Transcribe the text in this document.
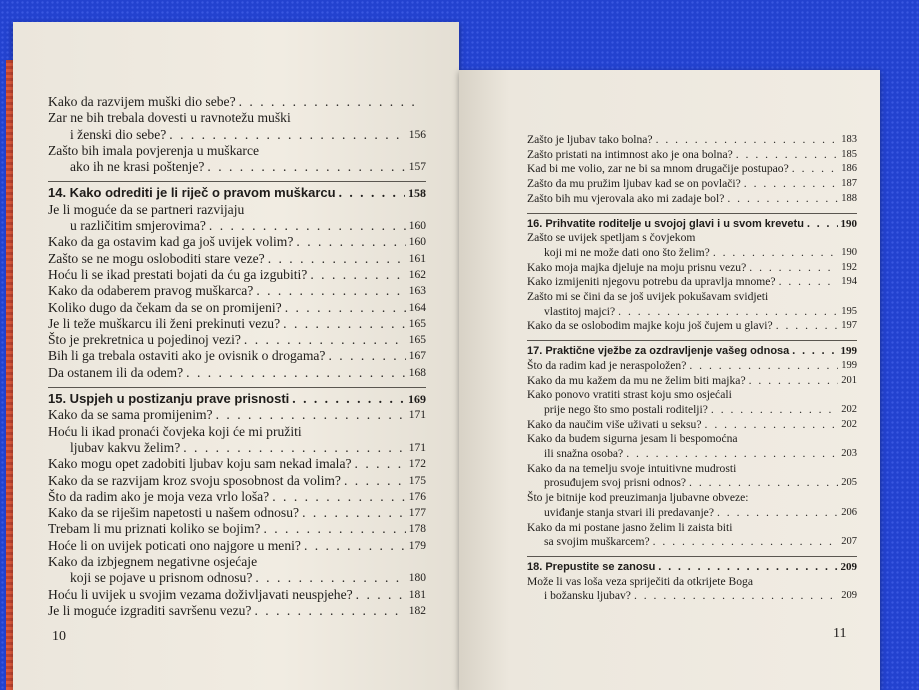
Kako da razvijem muški dio sebe?
. . .
Zar ne bih trebala dovesti u ravnotežu muški
i ženski dio sebe? . . .	156
Zašto bih imala povjerenja u muškarce
ako ih ne krasi poštenje? . . .	157
14. Kako odrediti je li riječ o pravom muškarcu . . .	158
Je li moguće da se partneri razvijaju
u različitim smjerovima? . . .	160
Kako da ga ostavim kad ga još uvijek volim? . . .	160
Zašto se ne mogu osloboditi stare veze? . . .	161
Hoću li se ikad prestati bojati da ću ga izgubiti? . . .	162
Kako da odaberem pravog muškarca? . . .	163
Koliko dugo da čekam da se on promijeni? . . .	164
Je li teže muškarcu ili ženi prekinuti vezu? . . .	165
Što je prekretnica u pojedinoj vezi? . . .	165
Bih li ga trebala ostaviti ako je ovisnik o drogama? . . .	167
Da ostanem ili da odem? . . .	168
15. Uspjeh u postizanju prave prisnosti . . .	169
Kako da se sama promijenim? . . .	171
Hoću li ikad pronaći čovjeka koji će mi pružiti
ljubav kakvu želim? . . .	171
Kako mogu opet zadobiti ljubav koju sam nekad imala? . . .	172
Kako da se razvijam kroz svoju sposobnost da volim? . . .	175
Što da radim ako je moja veza vrlo loša? . . .	176
Kako da se riješim napetosti u našem odnosu? . . .	177
Trebam li mu priznati koliko se bojim? . . .	178
Hoće li on uvijek poticati ono najgore u meni? . . .	179
Kako da izbjegnem negativne osjećaje
koji se pojave u prisnom odnosu? . . .	180
Hoću li uvijek u svojim vezama doživljavati neuspjehe? . . .	181
Je li moguće izgraditi savršenu vezu? . . .	182
10
Zašto je ljubav tako bolna? . . .	183
Zašto pristati na intimnost ako je ona bolna? . . .	185
Kad bi me volio, zar ne bi sa mnom drugačije postupao? . . .	186
Zašto da mu pružim ljubav kad se on povlači? . . .	187
Zašto bih mu vjerovala ako mi zadaje bol? . . .	188
16. Prihvatite roditelje u svojoj glavi i u svom krevetu . . .	190
Zašto se uvijek spetljam s čovjekom
koji mi ne može dati ono što želim? . . .	190
Kako moja majka djeluje na moju prisnu vezu? . . .	192
Kako izmijeniti njegovu potrebu da upravlja mnome? . . .	194
Zašto mi se čini da se još uvijek pokušavam svidjeti
vlastitoj majci? . . .	195
Kako da se oslobodim majke koju još čujem u glavi? . . .	197
17. Praktične vježbe za ozdravljenje vašeg odnosa . . .	199
Što da radim kad je neraspoložen? . . .	199
Kako da mu kažem da mu ne želim biti majka? . . .	201
Kako ponovo vratiti strast koju smo osjećali
prije nego što smo postali roditelji? . . .	202
Kako da naučim više uživati u seksu? . . .	202
Kako da budem sigurna jesam li bespomoćna
ili snažna osoba? . . .	203
Kako da na temelju svoje intuitivne mudrosti
prosuđujem svoj prisni odnos? . . .	205
Što je bitnije kod preuzimanja ljubavne obveze:
uviđanje stanja stvari ili predavanje? . . .	206
Kako da mi postane jasno želim li zaista biti
sa svojim muškarcem? . . .	207
18. Prepustite se zanosu . . .	209
Može li vas loša veza spriječiti da otkrijete Boga
i božansku ljubav? . . .	209
11
